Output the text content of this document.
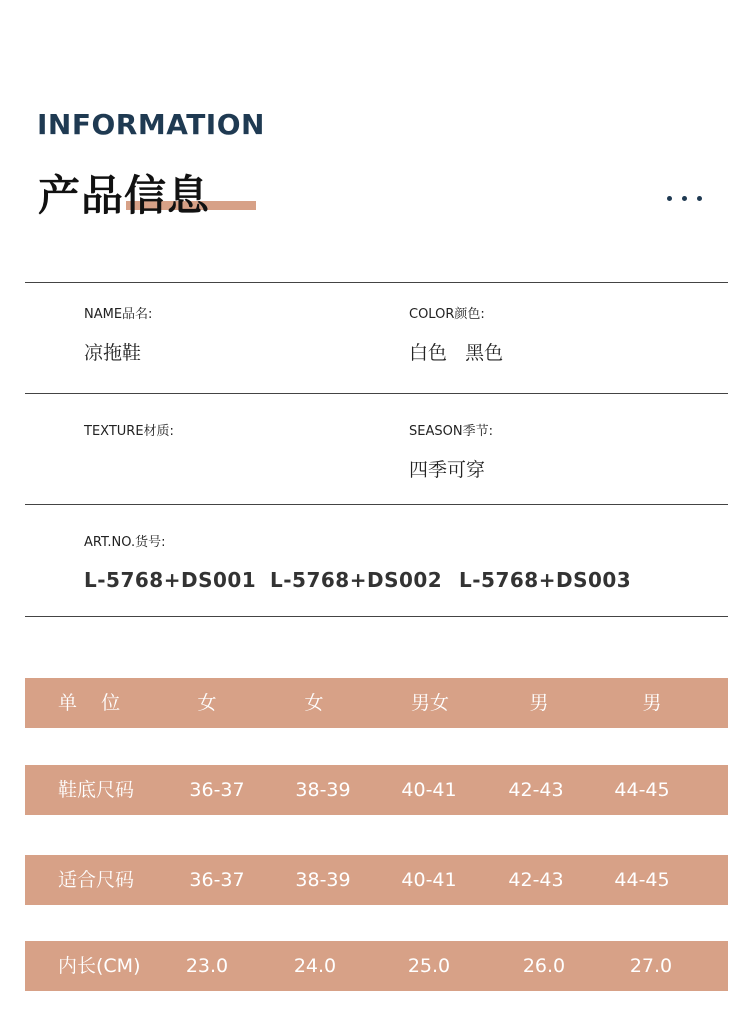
INFORMATION
产品信息
NAME品名:
凉拖鞋
COLOR颜色:
白色   黑色
TEXTURE材质:	SEASON季节:
四季可穿
ART.NO.货号:
L-5768+DS001 L-5768+DS002 L-5768+DS003
单    位	女	女	男女	男	男
鞋底尺码	36-37	38-39	40-41	42-43	44-45
适合尺码	36-37	38-39	40-41	42-43	44-45
内长(CM) 23.0	24.0	25.0	26.0	27.0
